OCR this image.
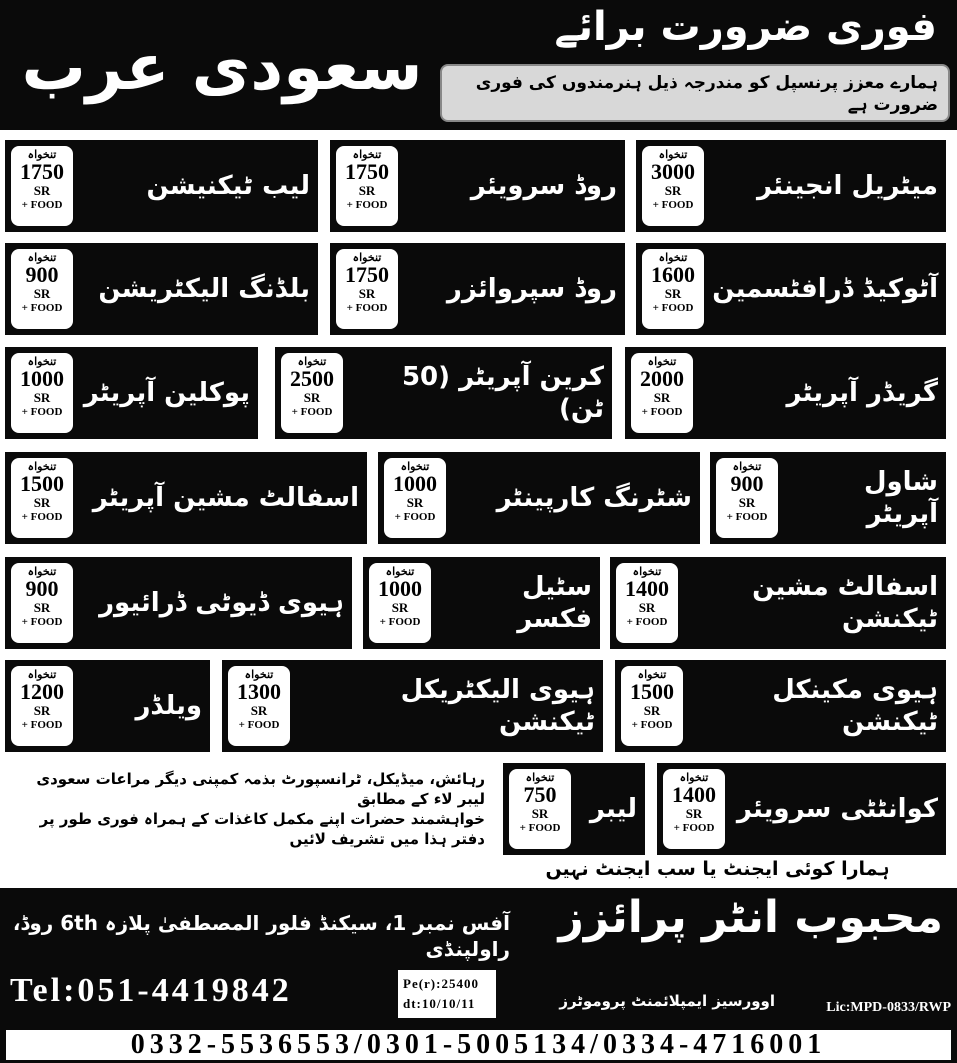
فوری ضرورت برائے
سعودی عرب	ہمارے معزز پرنسپل کو مندرجہ ذیل ہنرمندوں کی فوری ضرورت ہے
میٹریل انجینئر
تنخواہ
3000
SR
+ FOOD
روڈ سرویئر
تنخواہ
1750
SR
+ FOOD
لیب ٹیکنیشن
تنخواہ
1750
SR
+ FOOD
آٹوکیڈ ڈرافٹسمین
تنخواہ
1600
SR
+ FOOD
روڈ سپروائزر
تنخواہ
1750
SR
+ FOOD
بلڈنگ الیکٹریشن
تنخواہ
900
SR
+ FOOD
گریڈر آپریٹر
تنخواہ
2000
SR
+ FOOD
کرین آپریٹر (50 ٹن)
تنخواہ
2500
SR
+ FOOD
پوکلین آپریٹر
تنخواہ
1000
SR
+ FOOD
شاول آپریٹر
تنخواہ
900
SR
+ FOOD
شٹرنگ کارپینٹر
تنخواہ
1000
SR
+ FOOD
اسفالٹ مشین آپریٹر
تنخواہ
1500
SR
+ FOOD
اسفالٹ مشین ٹیکنشن
تنخواہ
1400
SR
+ FOOD
سٹیل فکسر
تنخواہ
1000
SR
+ FOOD
ہیوی ڈیوٹی ڈرائیور
تنخواہ
900
SR
+ FOOD
ہیوی مکینکل ٹیکنشن
تنخواہ
1500
SR
+ FOOD
ہیوی الیکٹریکل ٹیکنشن
تنخواہ
1300
SR
+ FOOD
ویلڈر
تنخواہ
1200
SR
+ FOOD
کوانٹٹی سرویئر
تنخواہ
1400
SR
+ FOOD
لیبر
تنخواہ
750
SR
+ FOOD
رہائش، میڈیکل، ٹرانسپورٹ بذمہ کمپنی دیگر مراعات سعودی لیبر لاء کے مطابق
خواہشمند حضرات اپنے مکمل کاغذات کے ہمراہ فوری طور پر دفتر ہذا میں تشریف لائیں
ہمارا کوئی ایجنٹ یا سب ایجنٹ نہیں
محبوب انٹر پرائزز
آفس نمبر 1، سیکنڈ فلور المصطفیٰ پلازہ 6th روڈ، راولپنڈی
Tel:051-4419842	Pe(r):25400
dt:10/10/11	اوورسیز ایمپلائمنٹ پروموٹرز	Lic:MPD-0833/RWP
0332-5536553/0301-5005134/0334-4716001
